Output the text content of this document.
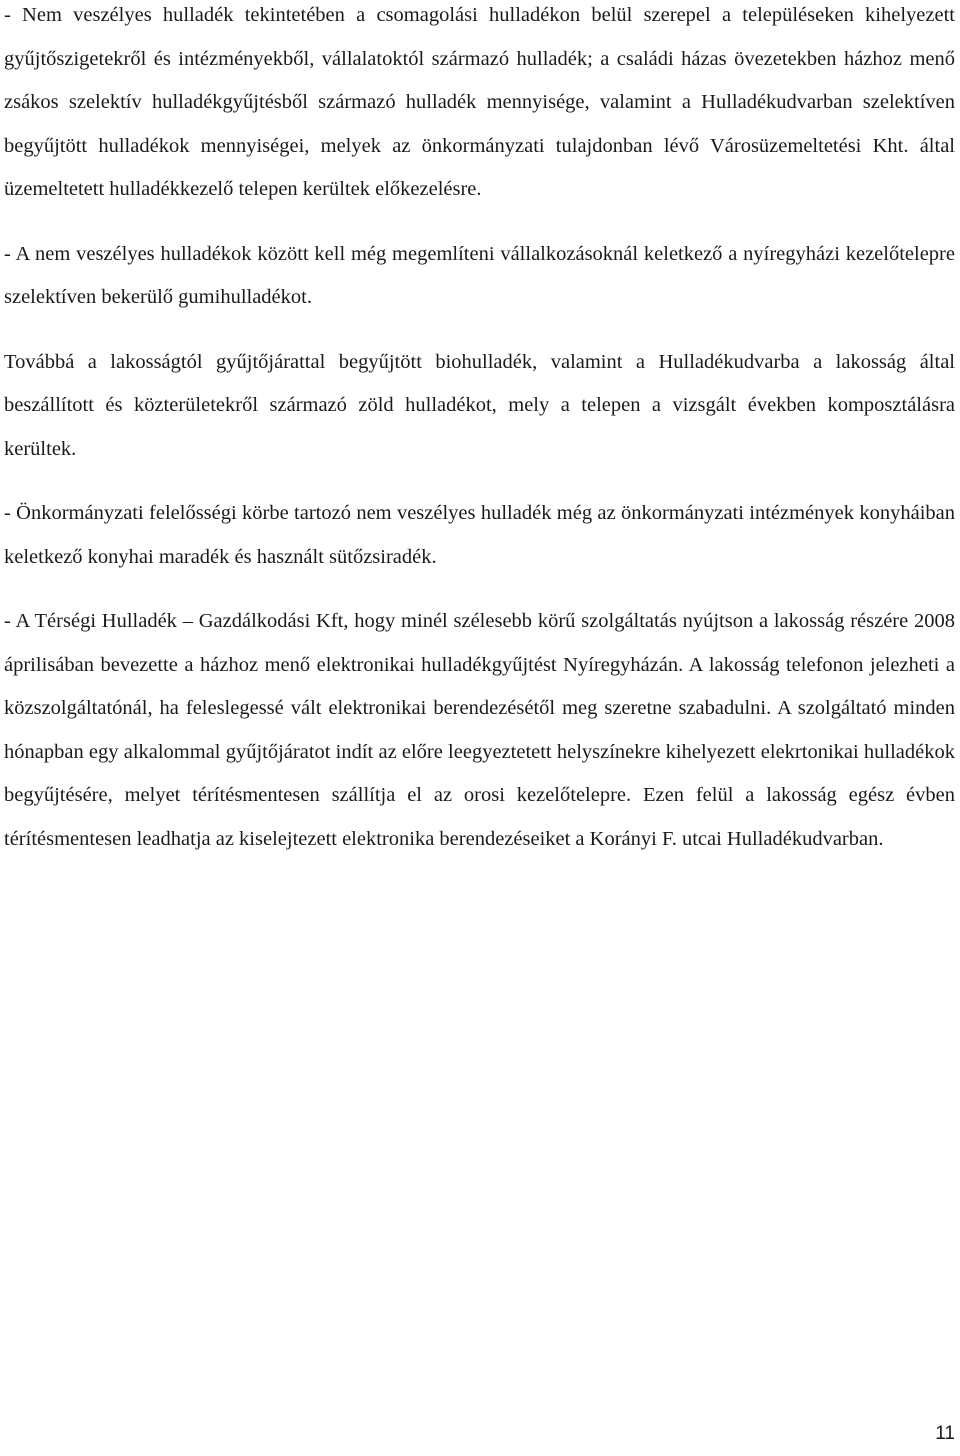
- Nem veszélyes hulladék tekintetében a csomagolási hulladékon belül szerepel a településeken kihelyezett gyűjtőszigetekről és intézményekből, vállalatoktól származó hulladék; a családi házas övezetekben házhoz menő zsákos szelektív hulladékgyűjtésből származó hulladék mennyisége, valamint a Hulladékudvarban szelektíven begyűjtött hulladékok mennyiségei, melyek az önkormányzati tulajdonban lévő Városüzemeltetési Kht. által üzemeltetett hulladékkezelő telepen kerültek előkezelésre.

- A nem veszélyes hulladékok között kell még megemlíteni vállalkozásoknál keletkező a nyíregyházi kezelőtelepre szelektíven bekerülő gumihulladékot.

Továbbá a lakosságtól gyűjtőjárattal begyűjtött biohulladék, valamint a Hulladékudvarba a lakosság által beszállított és közterületekről származó zöld hulladékot, mely a telepen a vizsgált években komposztálásra kerültek.

- Önkormányzati felelősségi körbe tartozó nem veszélyes hulladék még az önkormányzati intézmények konyháiban keletkező konyhai maradék és használt sütőzsiradék.

- A Térségi Hulladék – Gazdálkodási Kft, hogy minél szélesebb körű szolgáltatás nyújtson a lakosság részére 2008 áprilisában bevezette a házhoz menő elektronikai hulladékgyűjtést Nyíregyházán. A lakosság telefonon jelezheti a közszolgáltatónál, ha feleslegessé vált elektronikai berendezésétől meg szeretne szabadulni. A szolgáltató minden hónapban egy alkalommal gyűjtőjáratot indít az előre leegyeztetett helyszínekre kihelyezett elekrtonikai hulladékok begyűjtésére, melyet térítésmentesen szállítja el az orosi kezelőtelepre. Ezen felül a lakosság egész évben térítésmentesen leadhatja az kiselejtezett elektronika berendezéseiket a Korányi F. utcai Hulladékudvarban.

11
